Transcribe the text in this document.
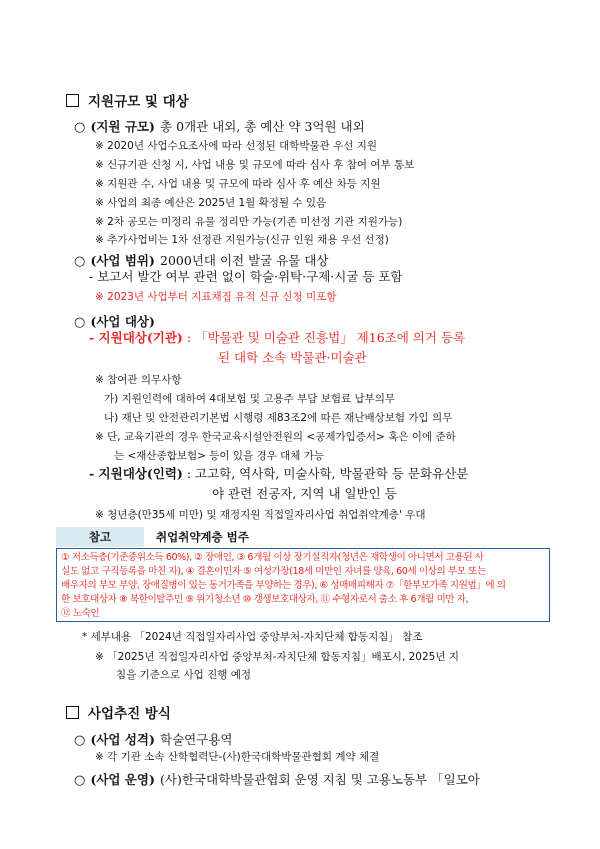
지원규모 및 대상
○ (지원 규모) 총 0개관 내외, 총 예산 약 3억원 내외
※ 2020년 사업수요조사에 따라 선정된 대학박물관 우선 지원
※ 신규기관 신청 시, 사업 내용 및 규모에 따라 심사 후 참여 여부 통보
※ 지원관 수, 사업 내용 및 규모에 따라 심사 후 예산 차등 지원
※ 사업의 최종 예산은 2025년 1월 확정될 수 있음
※ 2차 공모는 미정리 유물 정리만 가능(기존 미선정 기관 지원가능)
※ 추가사업비는 1차 선정관 지원가능(신규 인원 채용 우선 선정)
○ (사업 범위) 2000년대 이전 발굴 유물 대상
- 보고서 발간 여부 관련 없이 학술·위탁·구제·시굴 등 포함
※ 2023년 사업부터 지표채집 유적 신규 신청 미포함
○ (사업 대상)
- 지원대상(기관) : 「박물관 및 미술관 진흥법」 제16조에 의거 등록
된 대학 소속 박물관·미술관
※ 참여관 의무사항
가) 지원인력에 대하여 4대보험 및 고용주 부담 보험료 납부의무
나) 재난 및 안전관리기본법 시행령 제83조2에 따른 재난배상보험 가입 의무
※ 단, 교육기관의 경우 한국교육시설안전원의 <공제가입증서> 혹은 이에 준하
는 <재산종합보험> 등이 있을 경우 대체 가능
- 지원대상(인력) : 고고학, 역사학, 미술사학, 박물관학 등 문화유산분
야 관련 전공자, 지역 내 일반인 등
※ 청년층(만35세 미만) 및 재정지원 직접일자리사업 취업취약계층' 우대
참고	취업취약계층 범주
① 저소득층(기준중위소득 60%), ② 장애인, ③ 6개월 이상 장기실직자(청년은 재학생이 아니면서 고용된 사
실도 없고 구직등록을 마친 자), ④ 결혼이민자 ⑤ 여성가장(18세 미만인 자녀를 양육, 60세 이상의 부모 또는
배우자의 부모 부양, 장애질병이 있는 동거가족을 부양하는 경우), ⑥ 성매매피해자 ⑦「한부모가족 지원법」에 의
한 보호대상자 ⑧ 북한이탈주민 ⑨ 위기청소년 ⑩ 갱생보호대상자, ⑪ 수형자로서 출소 후 6개월 미만 자,
⑫ 노숙인
* 세부내용 「2024년 직접일자리사업 중앙부처-자치단체 합동지침」 참조
※ 「2025년 직접일자리사업 중앙부처-자치단체 합동지침」배포시, 2025년 지
침을 기준으로 사업 진행 예정
사업추진 방식
○ (사업 성격) 학술연구용역
※ 각 기관 소속 산학협력단-(사)한국대학박물관협회 계약 체결
○ (사업 운영) (사)한국대학박물관협회 운영 지침 및 고용노동부 「일모아
